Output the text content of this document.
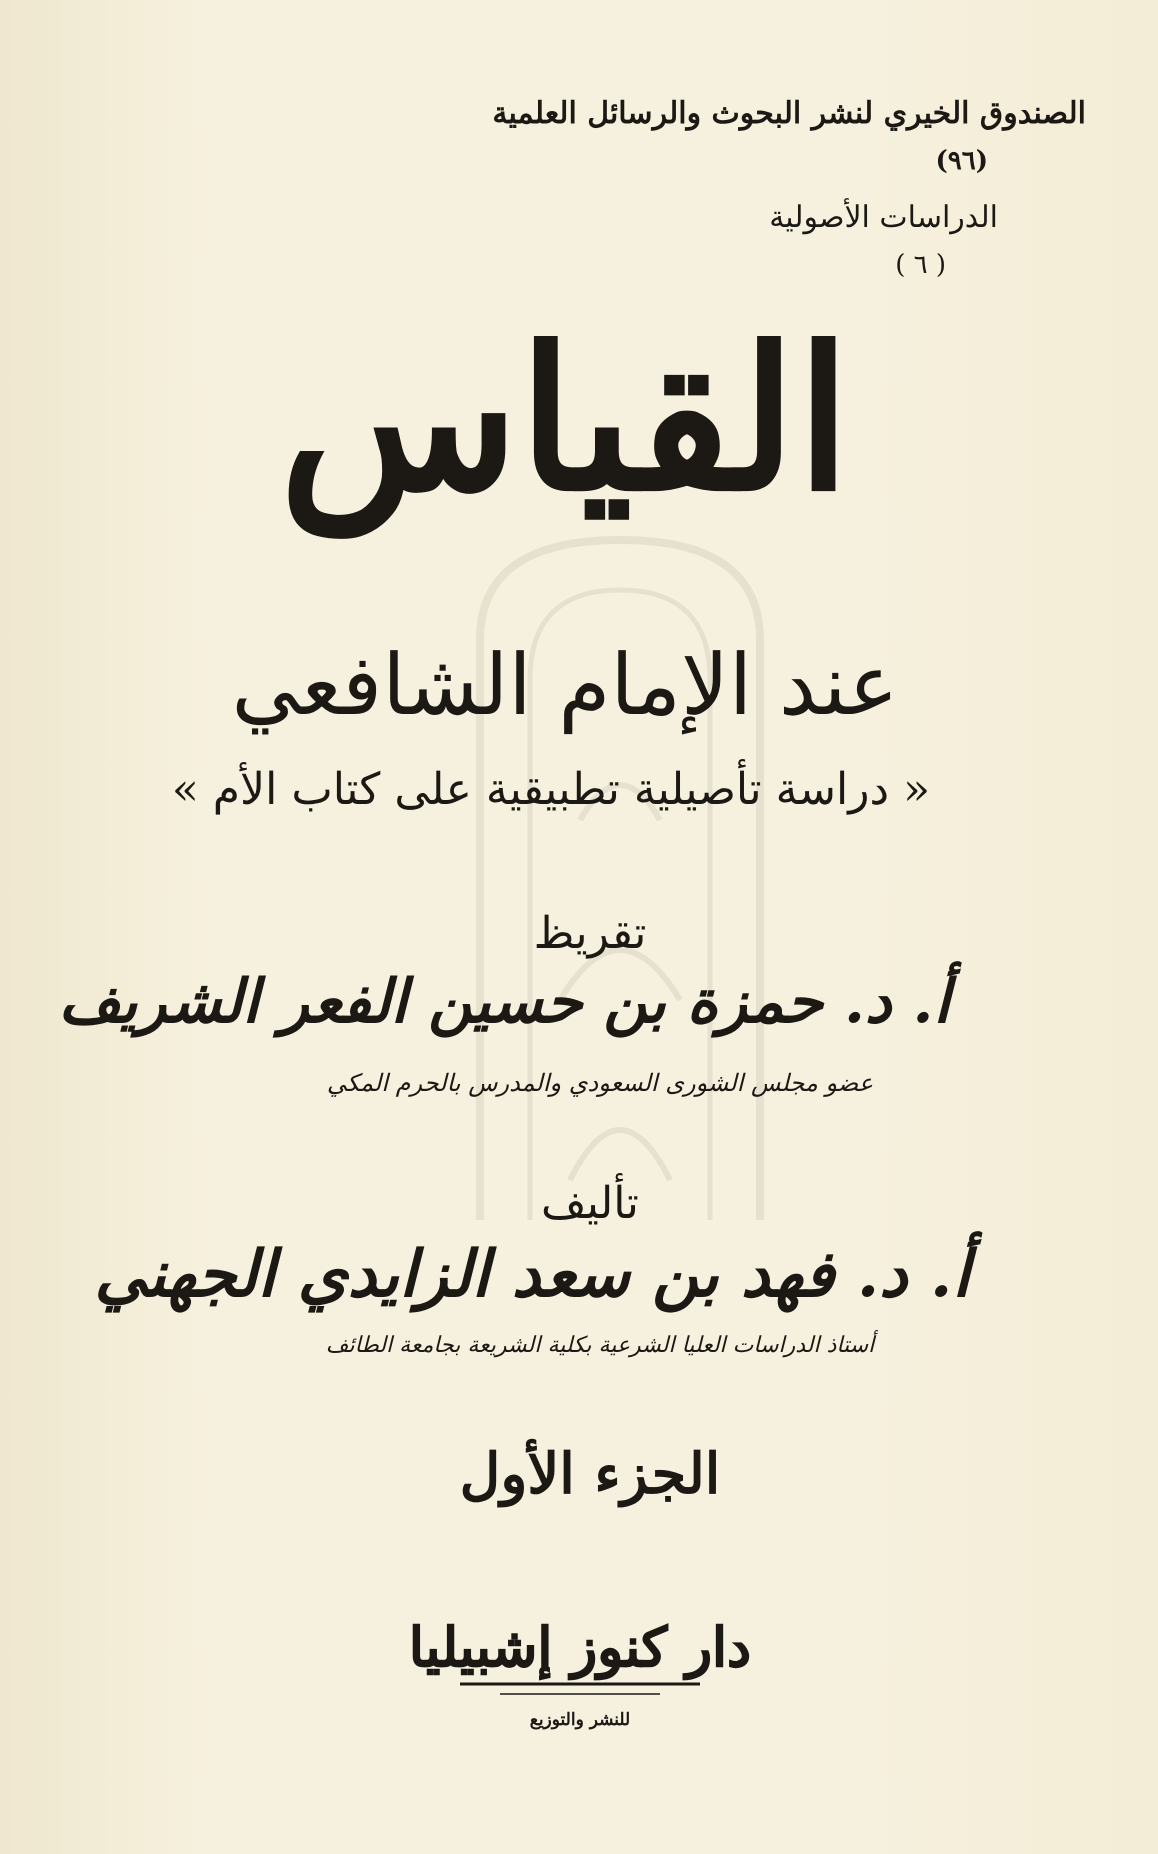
الصندوق الخيري لنشر البحوث والرسائل العلمية
(٩٦)
الدراسات الأصولية
( ٦ )
القياس
عند الإمام الشافعي
« دراسة تأصيلية تطبيقية على كتاب الأم »
تقريظ
أ. د. حمزة بن حسين الفعر الشريف
عضو مجلس الشورى السعودي والمدرس بالحرم المكي
تأليف
أ. د. فهد بن سعد الزايدي الجهني
أستاذ الدراسات العليا الشرعية بكلية الشريعة بجامعة الطائف
الجزء الأول
دار كنوز إشبيليا
للنشر والتوزيع
